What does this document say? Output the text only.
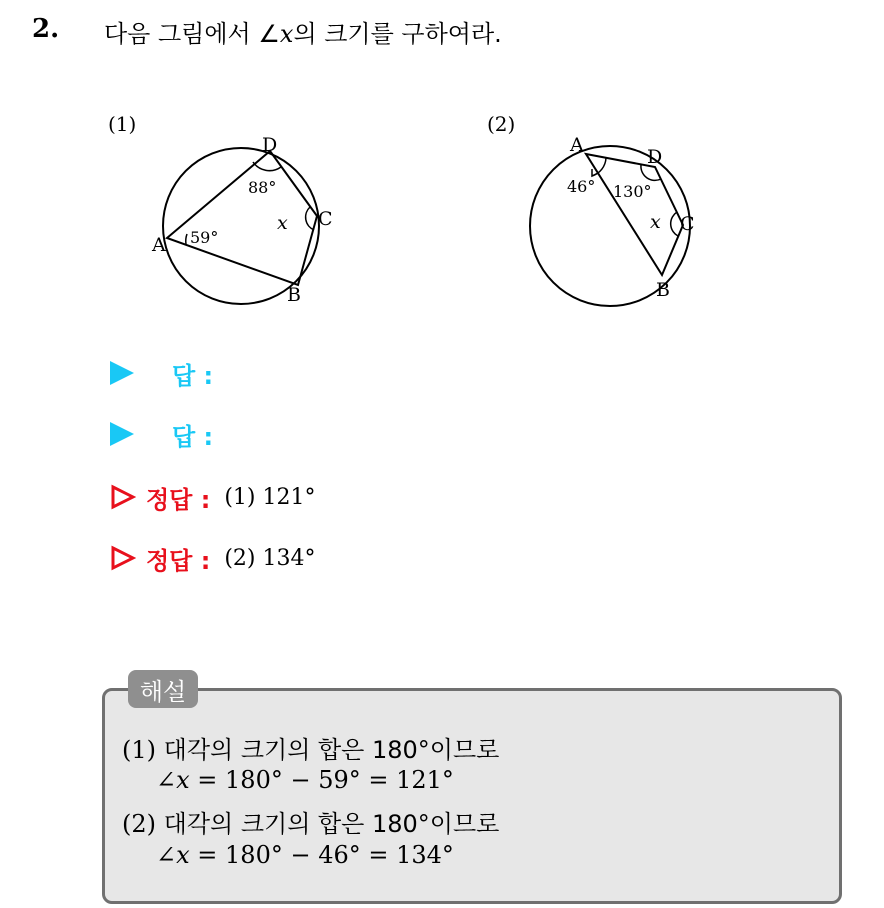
2. 다음 그림에서 ∠x의 크기를 구하여라.
(1)
D
A
C
B
88°
59°
x
(2)
A
D
C
B
46° 130°
x
답 :
답 :
정답 : (1) 121°
정답 : (2) 134°
해설
(1) 대각의 크기의 합은 180°이므로
∠x = 180° − 59° = 121°
(2) 대각의 크기의 합은 180°이므로
∠x = 180° − 46° = 134°
